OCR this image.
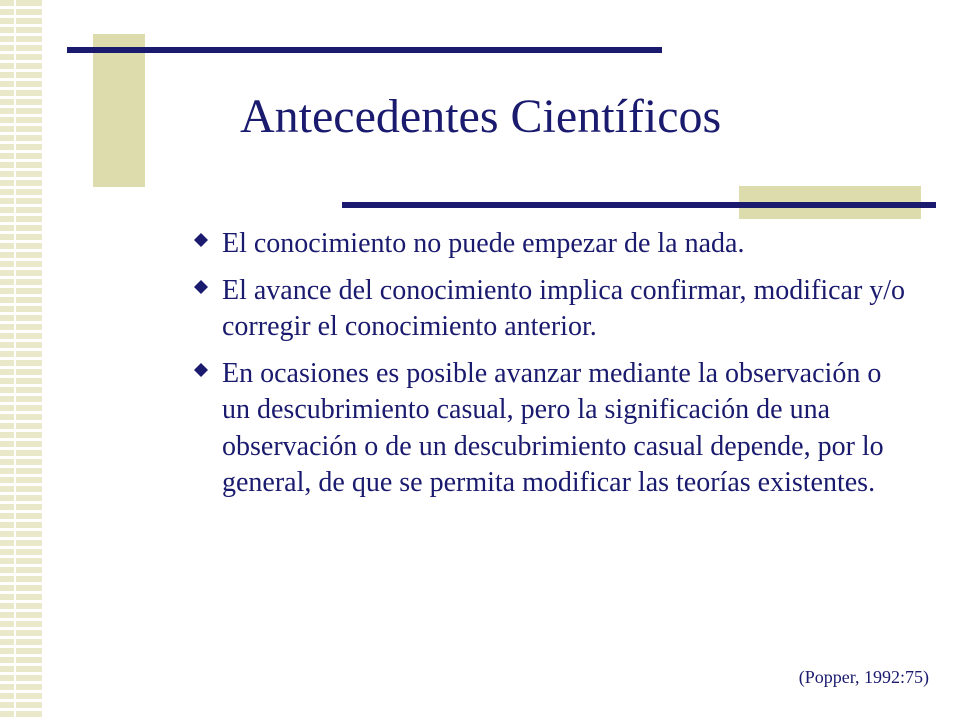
Antecedentes Científicos
El conocimiento no puede empezar de la nada.
El avance del conocimiento implica confirmar, modificar y/o corregir el conocimiento anterior.
En ocasiones es posible avanzar mediante la observación o un descubrimiento casual, pero la significación de una observación o de un descubrimiento casual depende, por lo general, de que se permita modificar las teorías existentes.
(Popper, 1992:75)
